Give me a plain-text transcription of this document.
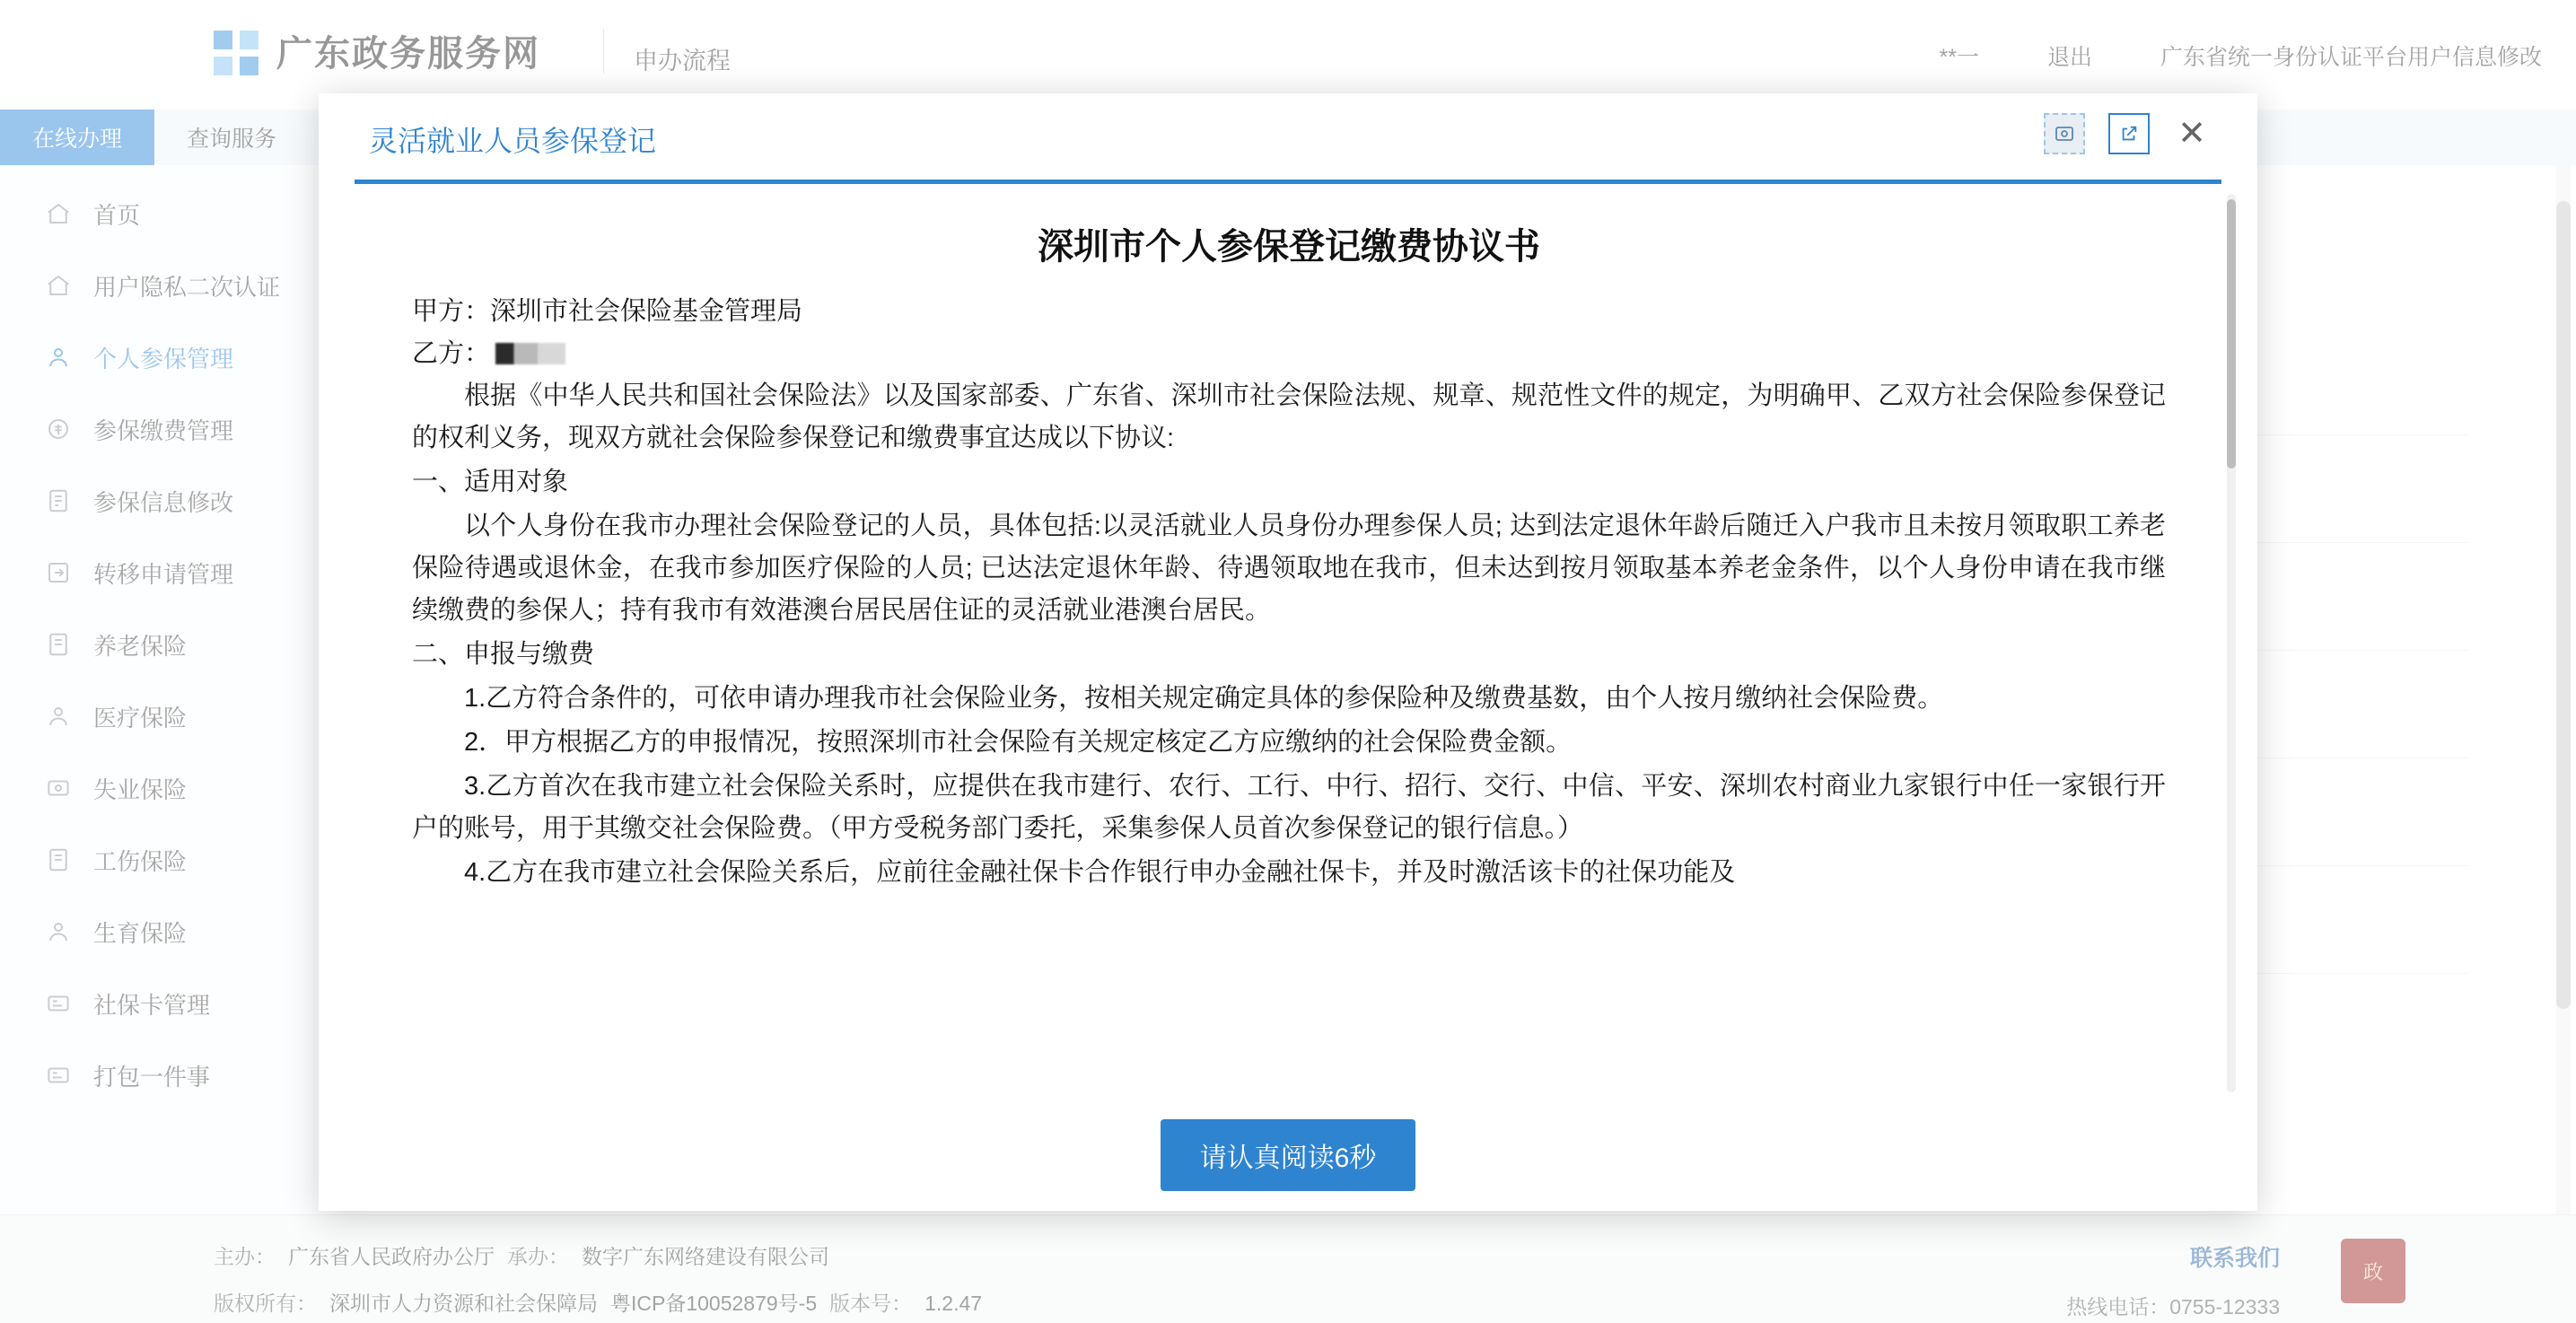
灵活就业人员参保登记	✕
深圳市个人参保登记缴费协议书
甲方： 深圳市社会保险基金管理局
乙方：

根据《中华人民共和国社会保险法》以及国家部委、广东省、深圳市社会保险法规、规章、规范性文件的规定，为明确甲、乙双方社会保险参保登记的权利义务，现双方就社会保险参保登记和缴费事宜达成以下协议:

一、适用对象

以个人身份在我市办理社会保险登记的人员，具体包括:以灵活就业人员身份办理参保人员; 达到法定退休年龄后随迁入户我市且未按月领取职工养老保险待遇或退休金，在我市参加医疗保险的人员; 已达法定退休年龄、待遇领取地在我市，但未达到按月领取基本养老金条件，以个人身份申请在我市继续缴费的参保人；持有我市有效港澳台居民居住证的灵活就业港澳台居民。

二、申报与缴费

1.乙方符合条件的，可依申请办理我市社会保险业务，按相关规定确定具体的参保险种及缴费基数，由个人按月缴纳社会保险费。

2．甲方根据乙方的申报情况，按照深圳市社会保险有关规定核定乙方应缴纳的社会保险费金额。

3.乙方首次在我市建立社会保险关系时，应提供在我市建行、农行、工行、中行、招行、交行、中信、平安、深圳农村商业九家银行中任一家银行开户的账号，用于其缴交社会保险费。（甲方受税务部门委托，采集参保人员首次参保登记的银行信息。）

4.乙方在我市建立社会保险关系后，应前往金融社保卡合作银行申办金融社保卡，并及时激活该卡的社保功能及

请认真阅读6秒
